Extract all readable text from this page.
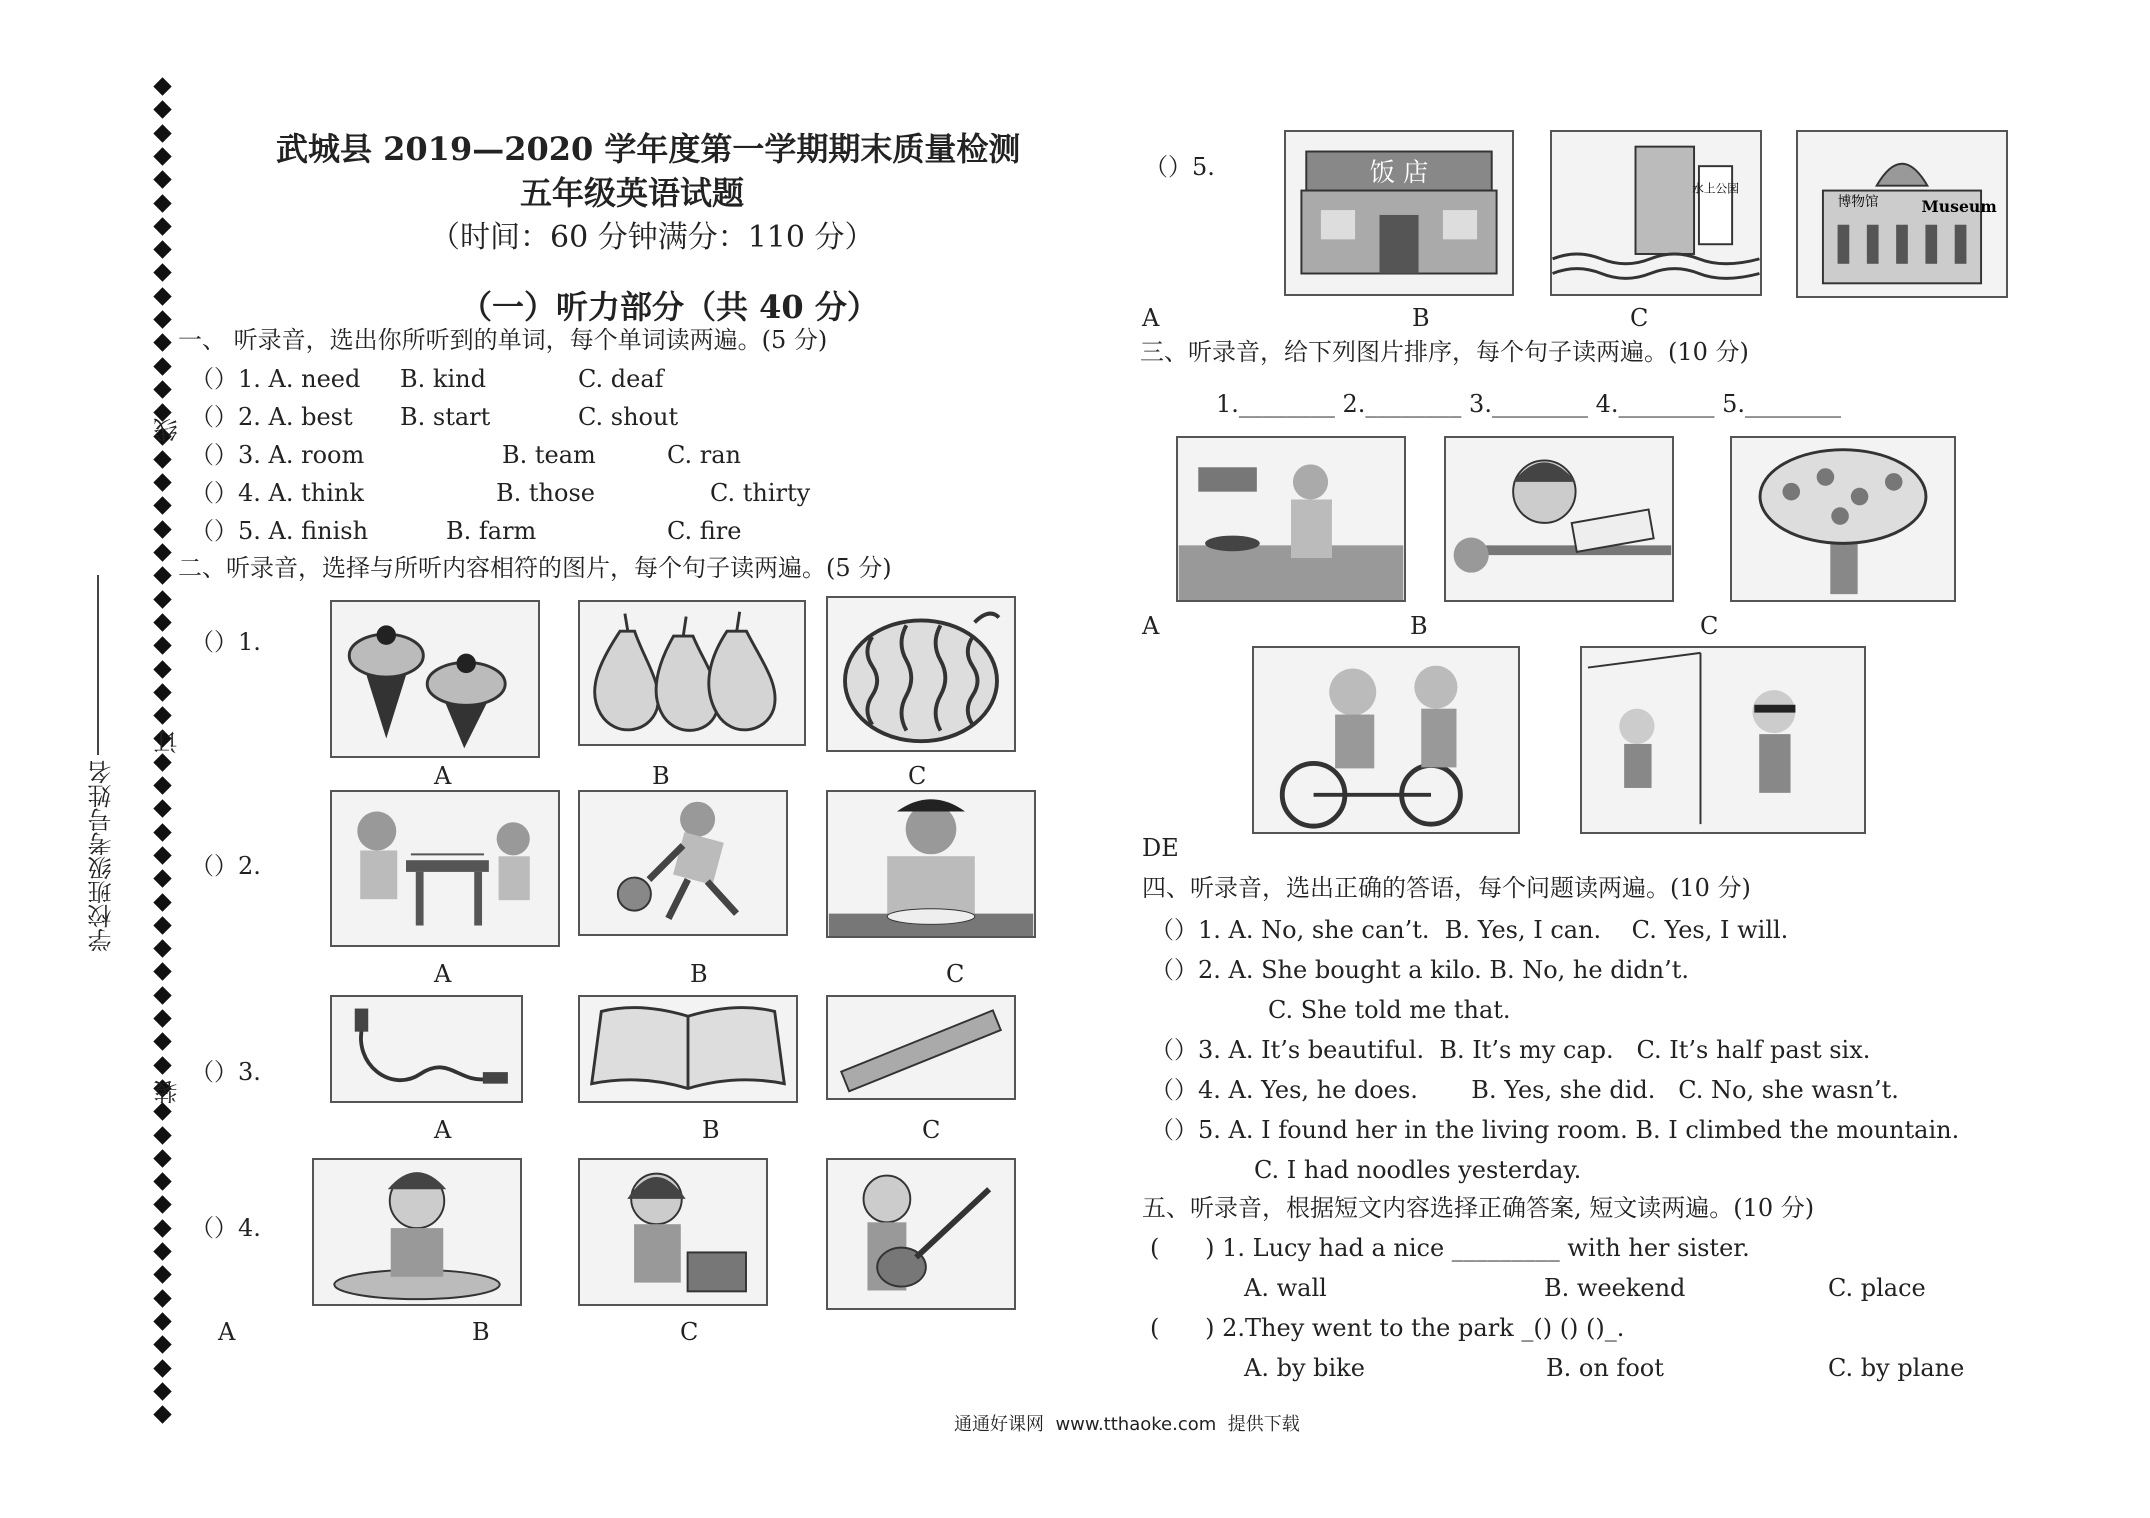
学校班级考号姓名
线
订
装
武城县 2019—2020 学年度第一学期期末质量检测
五年级英语试题
（时间：60 分钟满分：110 分）
（一）听力部分（共 40 分）
一、 听录音，选出你所听到的单词，每个单词读两遍。(5 分)
（）1. A. need B. kind	C. deaf
（）2. A. best B. start	C. shout
（）3. A. room	B. team	C. ran
（）4. A. think	B. those	C. thirty
（）5. A. finish	B. farm	C. fire
二、听录音，选择与所听内容相符的图片，每个句子读两遍。(5 分)
（）1.
A	B	C
（）2.
A	B	C
（）3.
A	B	C
（）4.
A	B	C
（）5.	饭 店
水上公园
博物馆	Museum
A	B	C
三、听录音，给下列图片排序，每个句子读两遍。(10 分)
1.________ 2.________ 3.________ 4.________ 5.________
A	B	C
DE
四、听录音，选出正确的答语，每个问题读两遍。(10 分)
（）1. A. No, she can’t.  B. Yes, I can.    C. Yes, I will.
（）2. A. She bought a kilo. B. No, he didn’t.
C. She told me that.
（）3. A. It’s beautiful.  B. It’s my cap.   C. It’s half past six.
（）4. A. Yes, he does.       B. Yes, she did.   C. No, she wasn’t.
（）5. A. I found her in the living room. B. I climbed the mountain.
C. I had noodles yesterday.
五、听录音，根据短文内容选择正确答案, 短文读两遍。(10 分)
(      ) 1. Lucy had a nice _________ with her sister.
A. wall	B. weekend	C. place
(      ) 2.They went to the park _() () ()_.
A. by bike	B. on foot	C. by plane
通通好课网  www.tthaoke.com  提供下载
